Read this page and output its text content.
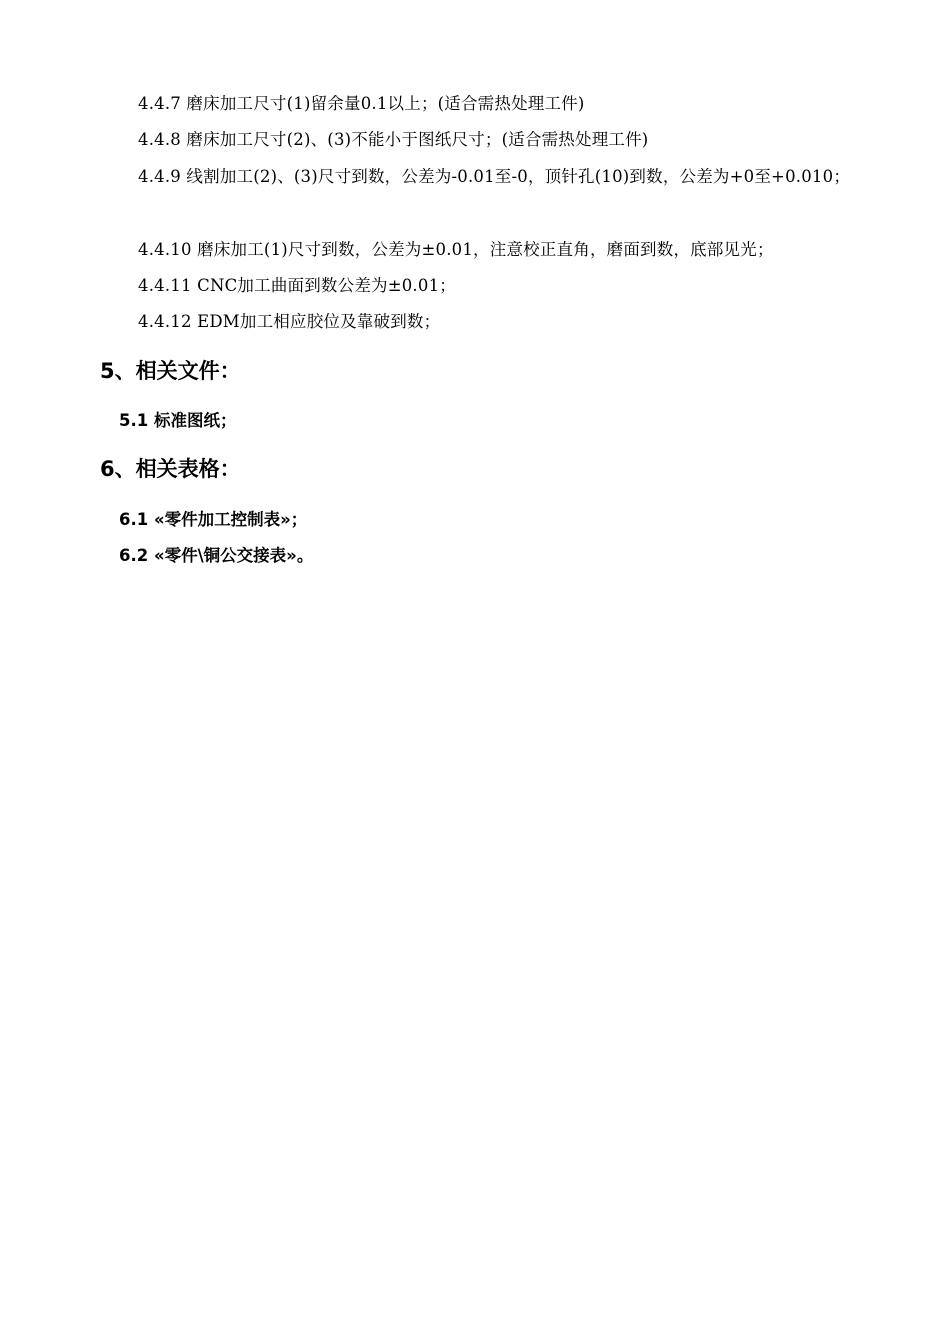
4.4.7 磨床加工尺寸(1)留余量0.1以上；(适合需热处理工件)
4.4.8 磨床加工尺寸(2)、(3)不能小于图纸尺寸；(适合需热处理工件)
4.4.9 线割加工(2)、(3)尺寸到数，公差为-0.01至-0，顶针孔(10)到数，公差为+0至+0.010；
4.4.10 磨床加工(1)尺寸到数，公差为±0.01，注意校正直角，磨面到数，底部见光；
4.4.11 CNC加工曲面到数公差为±0.01；
4.4.12 EDM加工相应胶位及靠破到数；
5、相关文件：
5.1 标准图纸；
6、相关表格：
6.1 «零件加工控制表»；
6.2 «零件\铜公交接表»。
